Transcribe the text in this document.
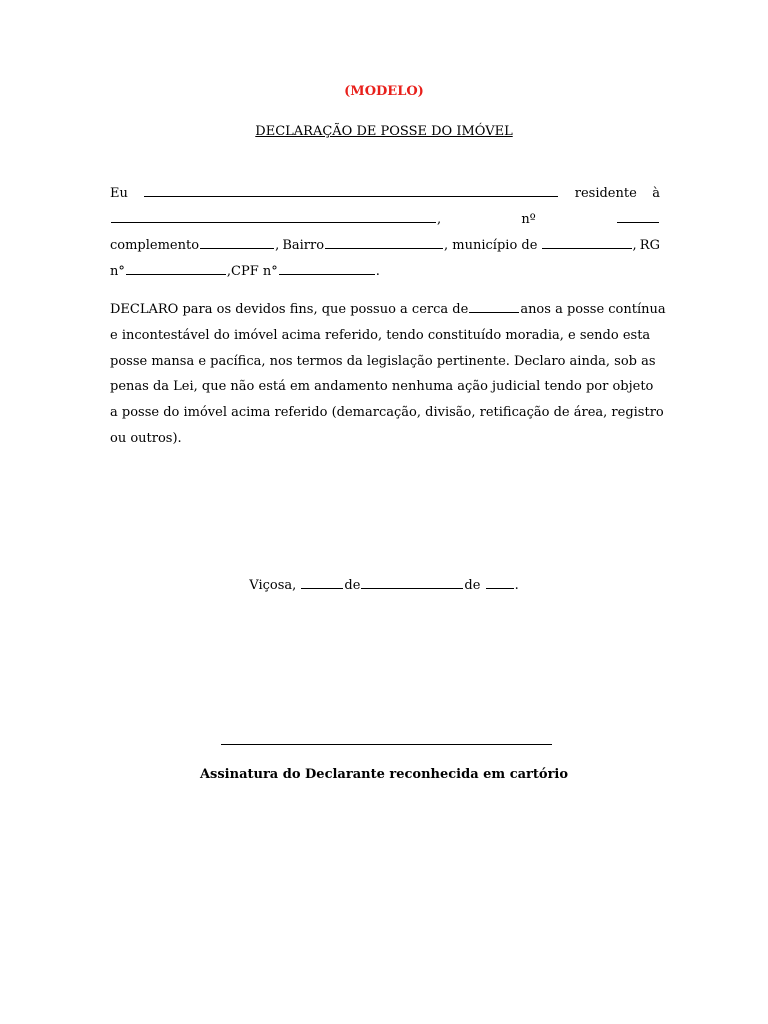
(MODELO)
DECLARAÇÃO DE POSSE DO IMÓVEL
Eu	residente à
,	nº
complemento	, Bairro	, município de	, RG
n°	,CPF n°	.
DECLARO para os devidos fins, que possuo a cerca de	anos a posse contínua
e incontestável do imóvel acima referido, tendo constituído moradia, e sendo esta
posse mansa e pacífica, nos termos da legislação pertinente. Declaro ainda, sob as
penas da Lei, que não está em andamento nenhuma ação judicial tendo por objeto
a posse do imóvel acima referido (demarcação, divisão, retificação de área, registro
ou outros).
Viçosa,	de	de	.
Assinatura do Declarante reconhecida em cartório
